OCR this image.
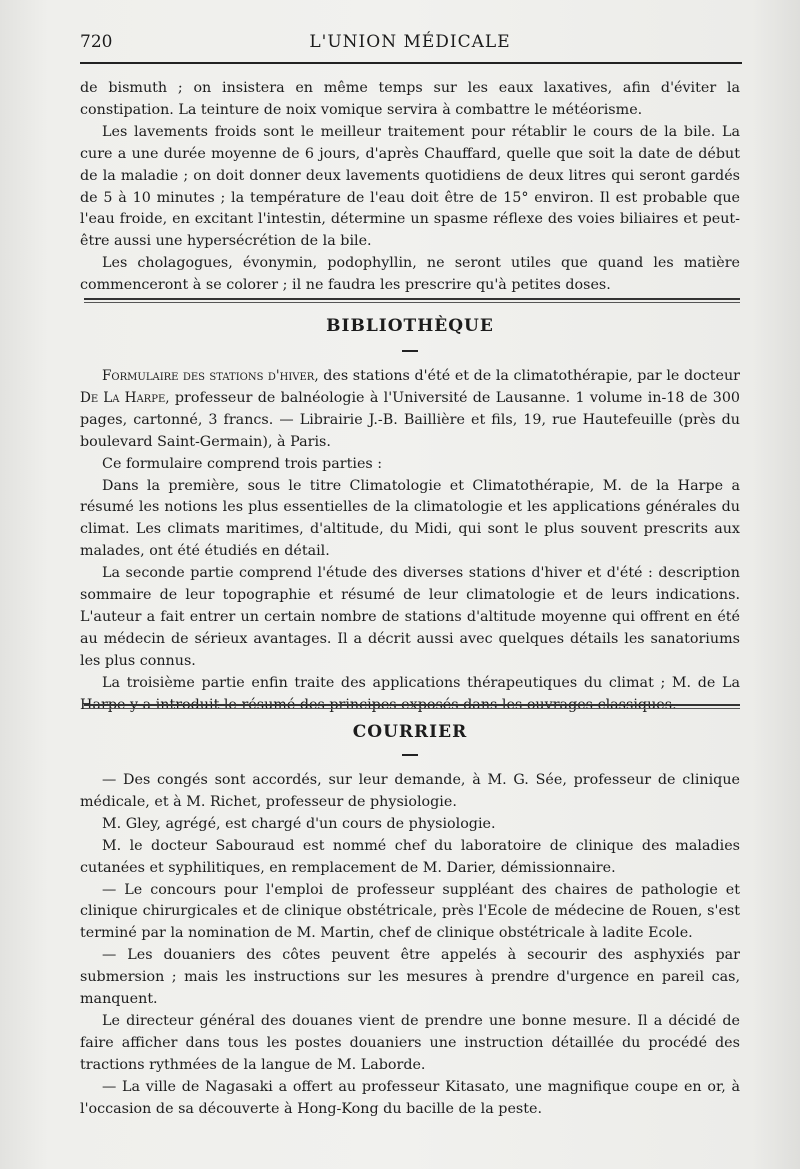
720	L'UNION MÉDICALE

de bismuth ; on insistera en même temps sur les eaux laxatives, afin d'éviter la constipation. La teinture de noix vomique servira à combattre le météorisme.

Les lavements froids sont le meilleur traitement pour rétablir le cours de la bile. La cure a une durée moyenne de 6 jours, d'après Chauffard, quelle que soit la date de début de la maladie ; on doit donner deux lavements quotidiens de deux litres qui seront gardés de 5 à 10 minutes ; la température de l'eau doit être de 15° environ. Il est probable que l'eau froide, en excitant l'intestin, détermine un spasme réflexe des voies biliaires et peut-être aussi une hypersécrétion de la bile.

Les cholagogues, évonymin, podophyllin, ne seront utiles que quand les matière commenceront à se colorer ; il ne faudra les prescrire qu'à petites doses.

BIBLIOTHÈQUE

Formulaire des stations d'hiver, des stations d'été et de la climatothérapie, par le docteur De La Harpe, professeur de balnéologie à l'Université de Lausanne. 1 volume in-18 de 300 pages, cartonné, 3 francs. — Librairie J.-B. Baillière et fils, 19, rue Hautefeuille (près du boulevard Saint-Germain), à Paris.

Ce formulaire comprend trois parties :

Dans la première, sous le titre Climatologie et Climatothérapie, M. de la Harpe a résumé les notions les plus essentielles de la climatologie et les applications générales du climat. Les climats maritimes, d'altitude, du Midi, qui sont le plus souvent prescrits aux malades, ont été étudiés en détail.

La seconde partie comprend l'étude des diverses stations d'hiver et d'été : description sommaire de leur topographie et résumé de leur climatologie et de leurs indications. L'auteur a fait entrer un certain nombre de stations d'altitude moyenne qui offrent en été au médecin de sérieux avantages. Il a décrit aussi avec quelques détails les sanatoriums les plus connus.

La troisième partie enfin traite des applications thérapeutiques du climat ; M. de La Harpe y a introduit le résumé des principes exposés dans les ouvrages classiques.

COURRIER

— Des congés sont accordés, sur leur demande, à M. G. Sée, professeur de clinique médicale, et à M. Richet, professeur de physiologie.

M. Gley, agrégé, est chargé d'un cours de physiologie.

M. le docteur Sabouraud est nommé chef du laboratoire de clinique des maladies cutanées et syphilitiques, en remplacement de M. Darier, démissionnaire.

— Le concours pour l'emploi de professeur suppléant des chaires de pathologie et clinique chirurgicales et de clinique obstétricale, près l'Ecole de médecine de Rouen, s'est terminé par la nomination de M. Martin, chef de clinique obstétricale à ladite Ecole.

— Les douaniers des côtes peuvent être appelés à secourir des asphyxiés par submersion ; mais les instructions sur les mesures à prendre d'urgence en pareil cas, manquent.

Le directeur général des douanes vient de prendre une bonne mesure. Il a décidé de faire afficher dans tous les postes douaniers une instruction détaillée du procédé des tractions rythmées de la langue de M. Laborde.

— La ville de Nagasaki a offert au professeur Kitasato, une magnifique coupe en or, à l'occasion de sa découverte à Hong-Kong du bacille de la peste.
